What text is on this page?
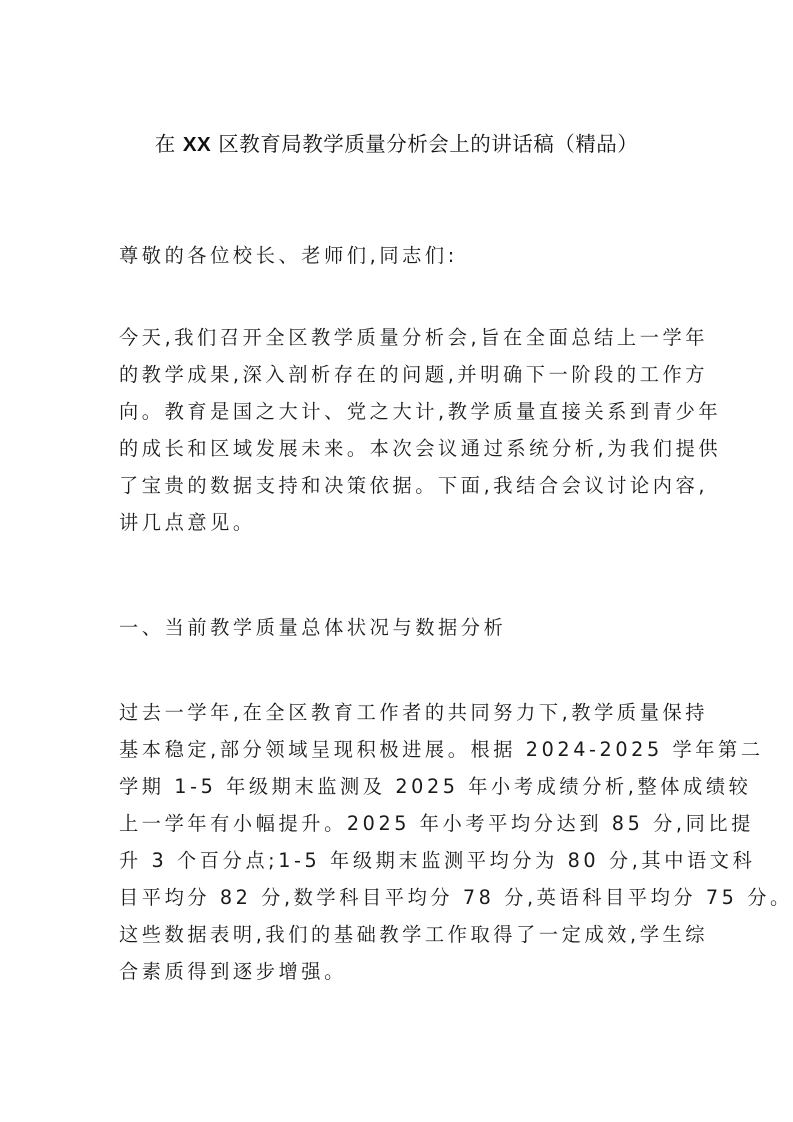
在 XX 区教育局教学质量分析会上的讲话稿（精品）
尊敬的各位校长、老师们,同志们:
今天,我们召开全区教学质量分析会,旨在全面总结上一学年
的教学成果,深入剖析存在的问题,并明确下一阶段的工作方
向。教育是国之大计、党之大计,教学质量直接关系到青少年
的成长和区域发展未来。本次会议通过系统分析,为我们提供
了宝贵的数据支持和决策依据。下面,我结合会议讨论内容,
讲几点意见。
一、当前教学质量总体状况与数据分析
过去一学年,在全区教育工作者的共同努力下,教学质量保持
基本稳定,部分领域呈现积极进展。根据 2024-2025 学年第二
学期 1-5 年级期末监测及 2025 年小考成绩分析,整体成绩较
上一学年有小幅提升。2025 年小考平均分达到 85 分,同比提
升 3 个百分点;1-5 年级期末监测平均分为 80 分,其中语文科
目平均分 82 分,数学科目平均分 78 分,英语科目平均分 75 分。
这些数据表明,我们的基础教学工作取得了一定成效,学生综
合素质得到逐步增强。
